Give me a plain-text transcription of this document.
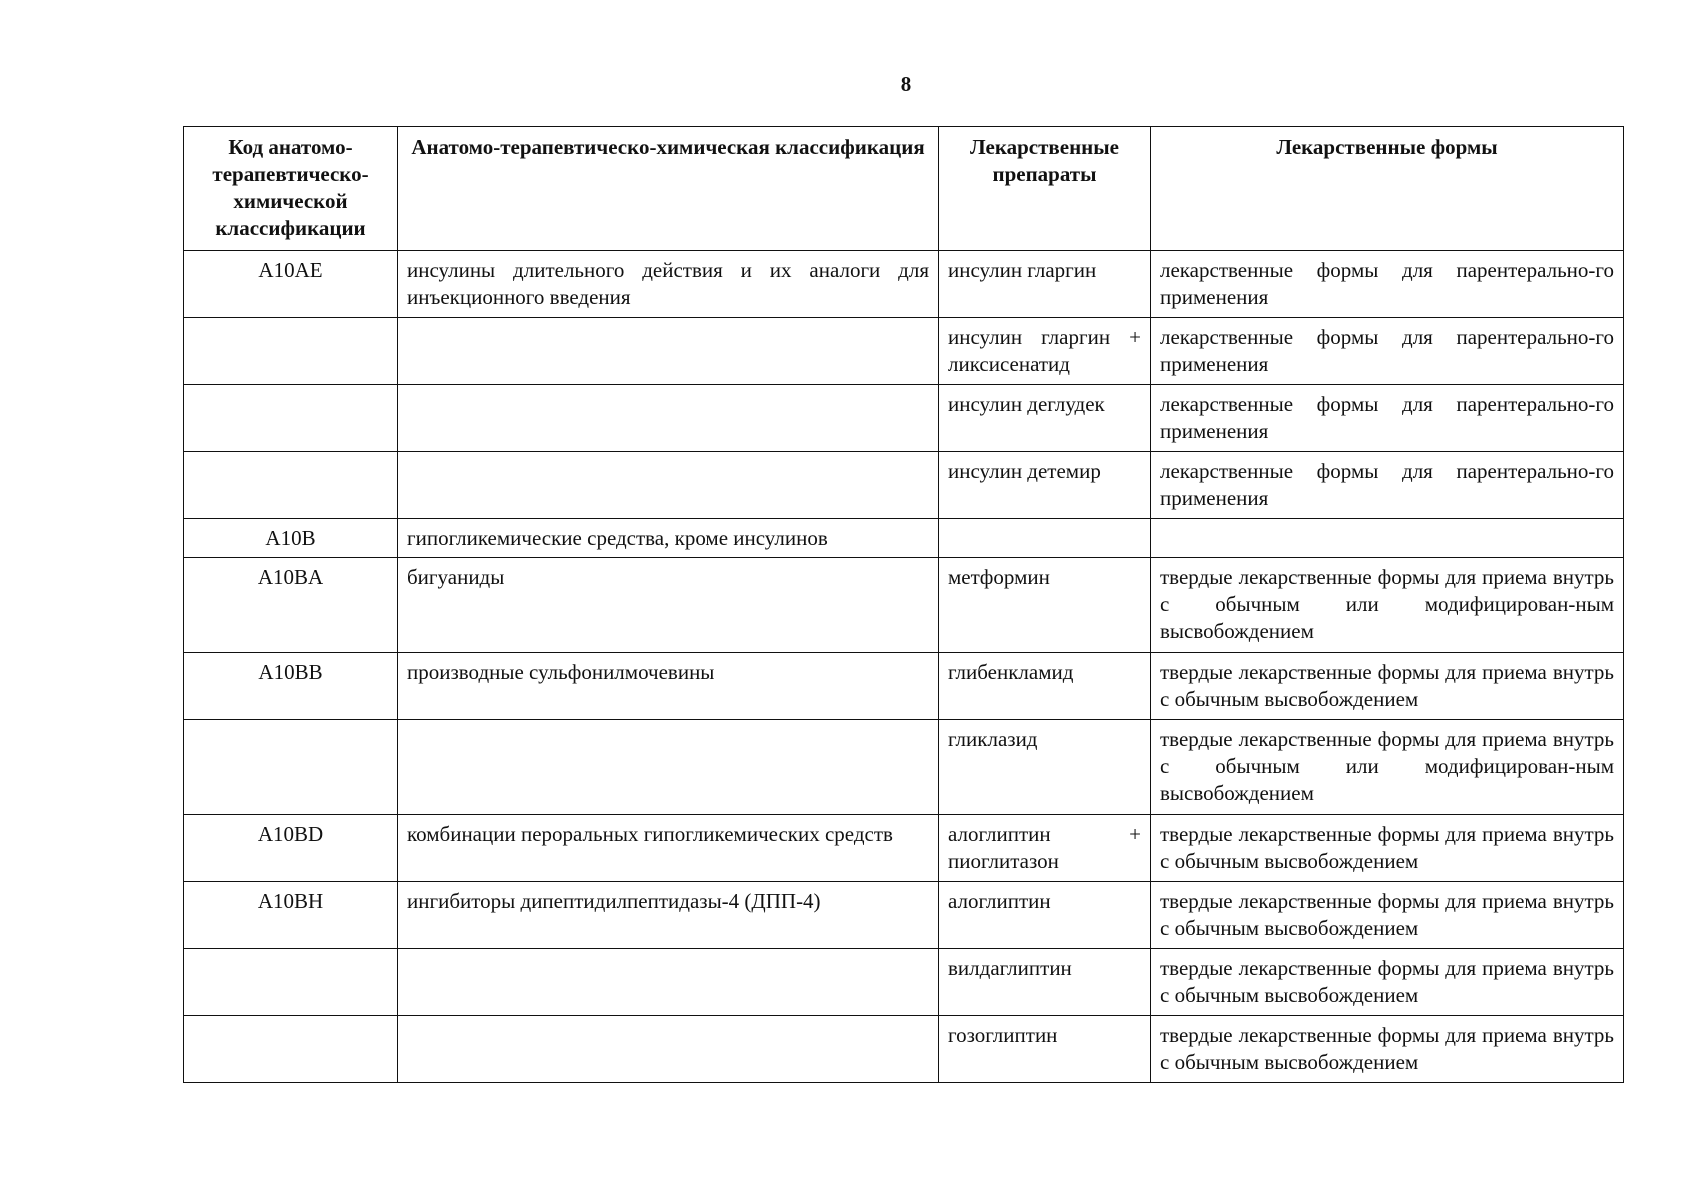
8
Код анатомо-терапевтическо-химической классификации	Анатомо-терапевтическо-химическая классификация	Лекарственные препараты	Лекарственные формы
A10AE	инсулины длительного действия и их аналоги для инъекционного введения	инсулин гларгин	лекарственные формы для парентерально-го применения
		инсулин гларгин + ликсисенатид	лекарственные формы для парентерально-го применения
		инсулин деглудек	лекарственные формы для парентерально-го применения
		инсулин детемир	лекарственные формы для парентерально-го применения
A10B	гипогликемические средства, кроме инсулинов		
A10BA	бигуаниды	метформин	твердые лекарственные формы для приема внутрь с обычным или модифицирован-ным высвобождением
A10BB	производные сульфонилмочевины	глибенкламид	твердые лекарственные формы для приема внутрь с обычным высвобождением
		гликлазид	твердые лекарственные формы для приема внутрь с обычным или модифицирован-ным высвобождением
A10BD	комбинации пероральных гипогликемических средств	алоглиптин + пиоглитазон	твердые лекарственные формы для приема внутрь с обычным высвобождением
A10BH	ингибиторы дипептидилпептидазы-4 (ДПП-4)	алоглиптин	твердые лекарственные формы для приема внутрь с обычным высвобождением
		вилдаглиптин	твердые лекарственные формы для приема внутрь с обычным высвобождением
		гозоглиптин	твердые лекарственные формы для приема внутрь с обычным высвобождением
